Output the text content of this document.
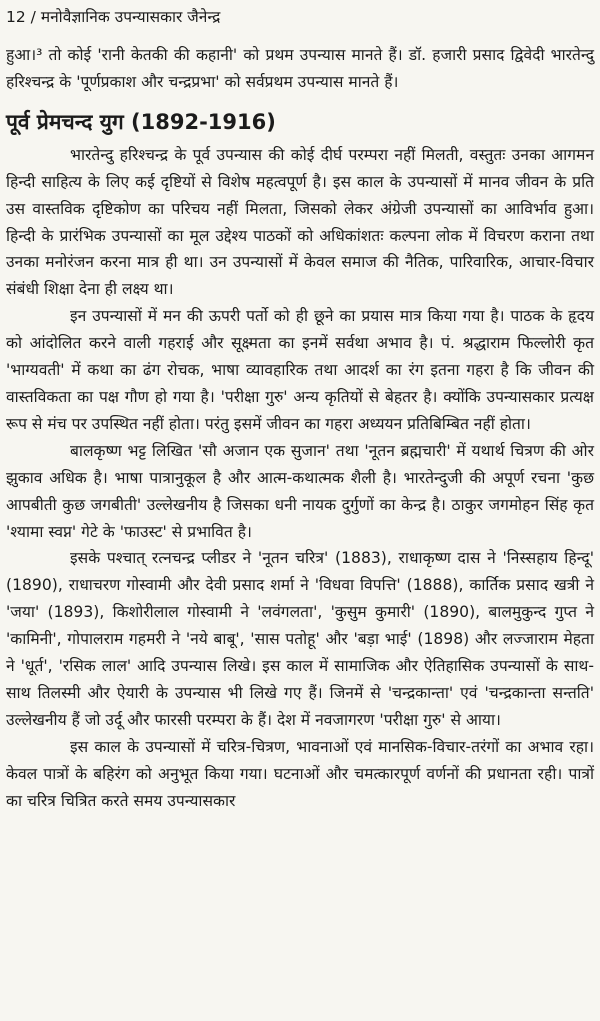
12 / मनोवैज्ञानिक उपन्यासकार जैनेन्द्र

हुआ।³ तो कोई 'रानी केतकी की कहानी' को प्रथम उपन्यास मानते हैं। डॉ. हजारी प्रसाद द्विवेदी भारतेन्दु हरिश्चन्द्र के 'पूर्णप्रकाश और चन्द्रप्रभा' को सर्वप्रथम उपन्यास मानते हैं।

पूर्व प्रेमचन्द युग (1892-1916)

भारतेन्दु हरिश्चन्द्र के पूर्व उपन्यास की कोई दीर्घ परम्परा नहीं मिलती, वस्तुतः उनका आगमन हिन्दी साहित्य के लिए कई दृष्टियों से विशेष महत्वपूर्ण है। इस काल के उपन्यासों में मानव जीवन के प्रति उस वास्तविक दृष्टिकोण का परिचय नहीं मिलता, जिसको लेकर अंग्रेजी उपन्यासों का आविर्भाव हुआ। हिन्दी के प्रारंभिक उपन्यासों का मूल उद्देश्य पाठकों को अधिकांशतः कल्पना लोक में विचरण कराना तथा उनका मनोरंजन करना मात्र ही था। उन उपन्यासों में केवल समाज की नैतिक, पारिवारिक, आचार-विचार संबंधी शिक्षा देना ही लक्ष्य था।

इन उपन्यासों में मन की ऊपरी पर्तो को ही छूने का प्रयास मात्र किया गया है। पाठक के हृदय को आंदोलित करने वाली गहराई और सूक्ष्मता का इनमें सर्वथा अभाव है। पं. श्रद्धाराम फिल्लोरी कृत 'भाग्यवती' में कथा का ढंग रोचक, भाषा व्यावहारिक तथा आदर्श का रंग इतना गहरा है कि जीवन की वास्तविकता का पक्ष गौण हो गया है। 'परीक्षा गुरु' अन्य कृतियों से बेहतर है। क्योंकि उपन्यासकार प्रत्यक्ष रूप से मंच पर उपस्थित नहीं होता। परंतु इसमें जीवन का गहरा अध्ययन प्रतिबिम्बित नहीं होता।

बालकृष्ण भट्ट लिखित 'सौ अजान एक सुजान' तथा 'नूतन ब्रह्मचारी' में यथार्थ चित्रण की ओर झुकाव अधिक है। भाषा पात्रानुकूल है और आत्म-कथात्मक शैली है। भारतेन्दुजी की अपूर्ण रचना 'कुछ आपबीती कुछ जगबीती' उल्लेखनीय है जिसका धनी नायक दुर्गुणों का केन्द्र है। ठाकुर जगमोहन सिंह कृत 'श्यामा स्वप्न' गेटे के 'फाउस्ट' से प्रभावित है।

इसके पश्चात् रत्नचन्द्र प्लीडर ने 'नूतन चरित्र' (1883), राधाकृष्ण दास ने 'निस्सहाय हिन्दू' (1890), राधाचरण गोस्वामी और देवी प्रसाद शर्मा ने 'विधवा विपत्ति' (1888), कार्तिक प्रसाद खत्री ने 'जया' (1893), किशोरीलाल गोस्वामी ने 'लवंगलता', 'कुसुम कुमारी' (1890), बालमुकुन्द गुप्त ने 'कामिनी', गोपालराम गहमरी ने 'नये बाबू', 'सास पतोहू' और 'बड़ा भाई' (1898) और लज्जाराम मेहता ने 'धूर्त', 'रसिक लाल' आदि उपन्यास लिखे। इस काल में सामाजिक और ऐतिहासिक उपन्यासों के साथ-साथ तिलस्मी और ऐयारी के उपन्यास भी लिखे गए हैं। जिनमें से 'चन्द्रकान्ता' एवं 'चन्द्रकान्ता सन्तति' उल्लेखनीय हैं जो उर्दू और फारसी परम्परा के हैं। देश में नवजागरण 'परीक्षा गुरु' से आया।

इस काल के उपन्यासों में चरित्र-चित्रण, भावनाओं एवं मानसिक-विचार-तरंगों का अभाव रहा। केवल पात्रों के बहिरंग को अनुभूत किया गया। घटनाओं और चमत्कारपूर्ण वर्णनों की प्रधानता रही। पात्रों का चरित्र चित्रित करते समय उपन्यासकार
